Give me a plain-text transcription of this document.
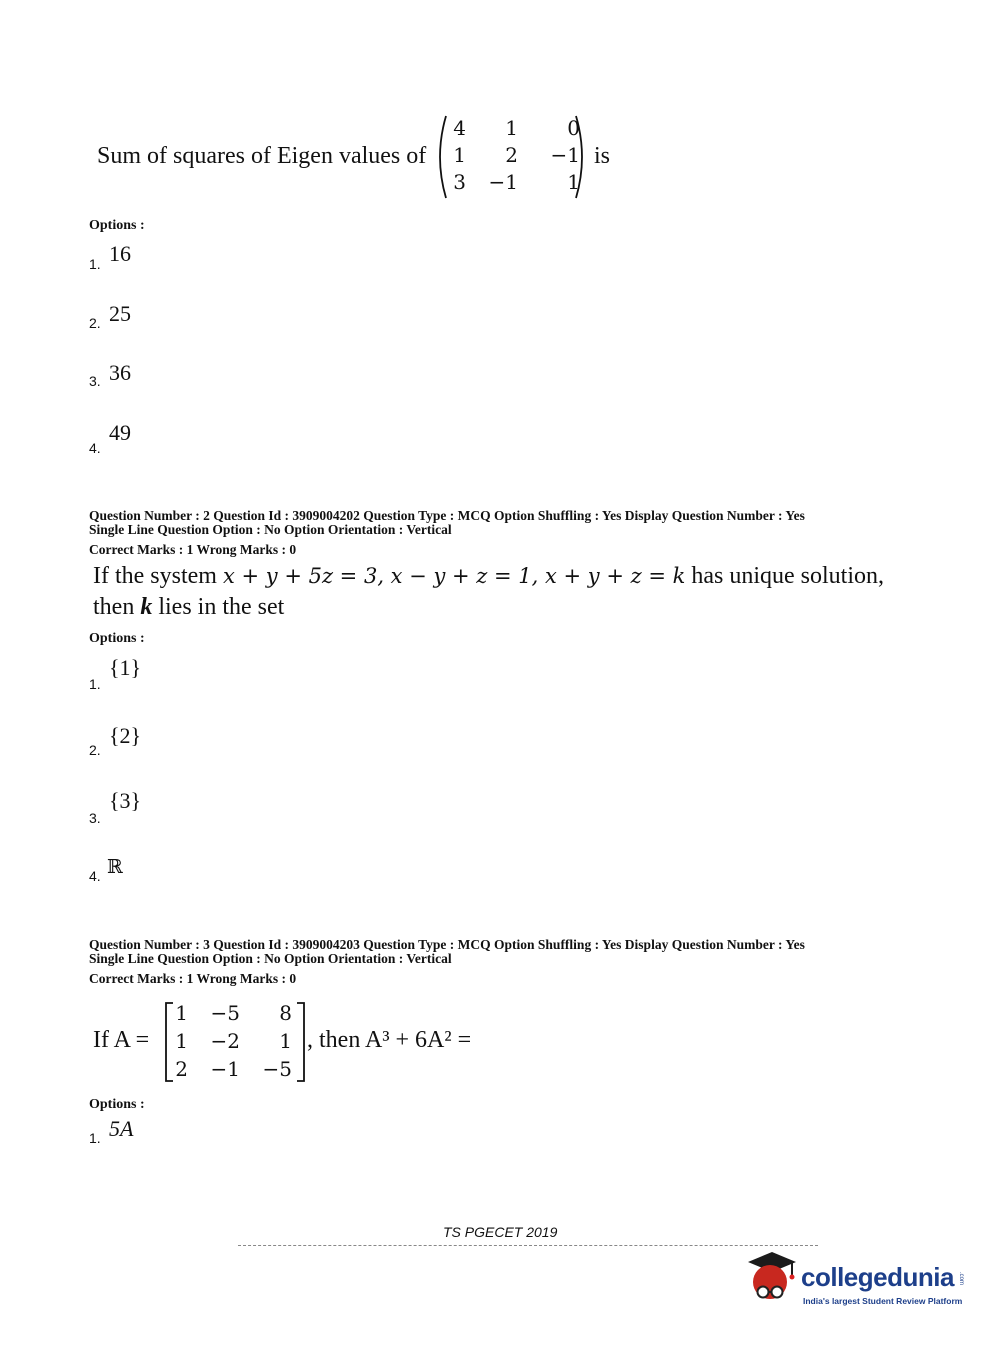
Sum of squares of Eigen values of
4	1	0
1	2	−1
3	−1	1
is
Options :
1. 16
2. 25
3. 36
4.
49
Question Number : 2 Question Id : 3909004202 Question Type : MCQ Option Shuffling : Yes Display Question Number : Yes
Single Line Question Option : No Option Orientation : Vertical
Correct Marks : 1 Wrong Marks : 0
If the system x + y + 5z = 3, x − y + z = 1, x + y + z = k has unique solution,
then k lies in the set
Options :
1.
{1}
2.
{2}
3.
{3}
4. ℝ
Question Number : 3 Question Id : 3909004203 Question Type : MCQ Option Shuffling : Yes Display Question Number : Yes
Single Line Question Option : No Option Orientation : Vertical
Correct Marks : 1 Wrong Marks : 0
If A =
1	−5	8
1	−2	1
2	−1	−5
, then A³ + 6A² =
Options :
1. 5A
TS PGECET 2019
collegedunia .com
India's largest Student Review Platform
